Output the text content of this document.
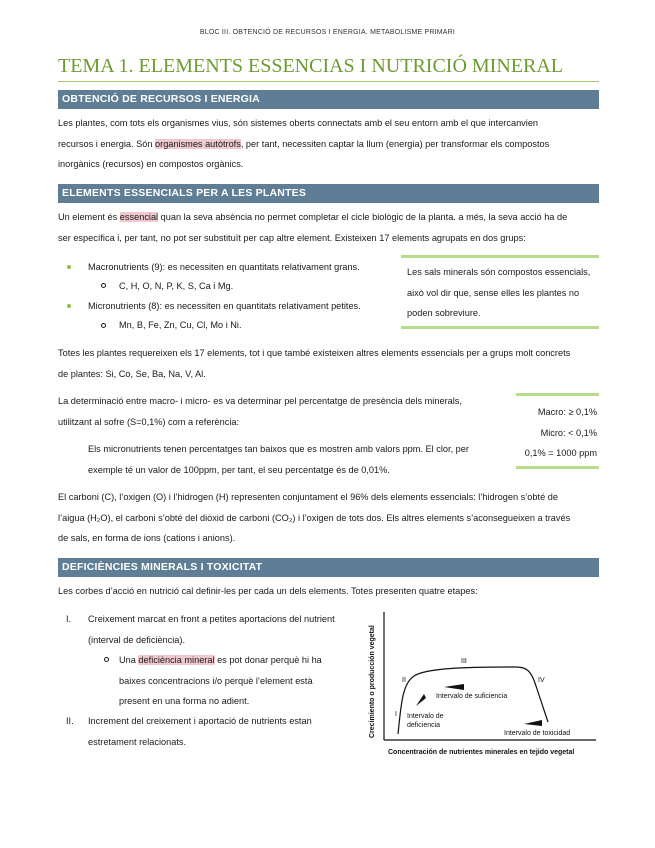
BLOC III. OBTENCIÓ DE RECURSOS I ENERGIA. METABOLISME PRIMARI
TEMA 1. ELEMENTS ESSENCIAS I NUTRICIÓ MINERAL
OBTENCIÓ DE RECURSOS I ENERGIA
Les plantes, com tots els organismes vius, són sistemes oberts connectats amb el seu entorn amb el que intercanvien
recursos i energia. Són organismes autòtrofs, per tant, necessiten captar la llum (energia) per transformar els compostos
inorgànics (recursos) en compostos orgànics.
ELEMENTS ESSENCIALS PER A LES PLANTES
Un element és essencial quan la seva absència no permet completar el cicle biològic de la planta. a més, la seva acció ha de
ser específica i, per tant, no pot ser substituït per cap altre element. Existeixen 17 elements agrupats en dos grups:
Macronutrients (9): es necessiten en quantitats relativament grans.
C, H, O, N, P, K, S, Ca i Mg.
Micronutrients (8): es necessiten en quantitats relativament petites.
Mn, B, Fe, Zn, Cu, Cl, Mo i Ni.
Les sals minerals són compostos essencials,
això vol dir que, sense elles les plantes no
poden sobreviure.
Totes les plantes requereixen els 17 elements, tot i que també existeixen altres elements essencials per a grups molt concrets
de plantes: Si, Co, Se, Ba, Na, V, Al.
La determinació entre macro- i micro- es va determinar pel percentatge de presència dels minerals,
utilitzant al sofre (S=0,1%) com a referència:
Els micronutrients tenen percentatges tan baixos que es mostren amb valors ppm. El clor, per
exemple té un valor de 100ppm, per tant, el seu percentatge és de 0,01%.
Macro: ≥ 0,1%
Micro: < 0,1%
0,1% = 1000 ppm
El carboni (C), l’oxigen (O) i l’hidrogen (H) representen conjuntament el 96% dels elements essencials: l’hidrogen s’obté de
l’aigua (H₂O), el carboni s’obté del diòxid de carboni (CO₂) i l’oxigen de tots dos. Els altres elements s’aconsegueixen a través
de sals, en forma de ions (cations i anions).
DEFICIÈNCIES MINERALS I TOXICITAT
Les corbes d’acció en nutrició cal definir-les per cada un dels elements. Totes presenten quatre etapes:
I. Creixement marcat en front a petites aportacions del nutrient
(interval de deficiència).
Una deficiència mineral es pot donar perquè hi ha
baixes concentracions i/o perquè l’element està
present en una forma no adient.
II. Increment del creixement i aportació de nutrients estan
estretament relacionats.
Crecimiento o producción vegetal
Concentración de nutrientes minerales en tejido vegetal
II
III
IV
I Intervalo de
deficiencia
Intervalo de suficiencia
Intervalo de toxicidad
